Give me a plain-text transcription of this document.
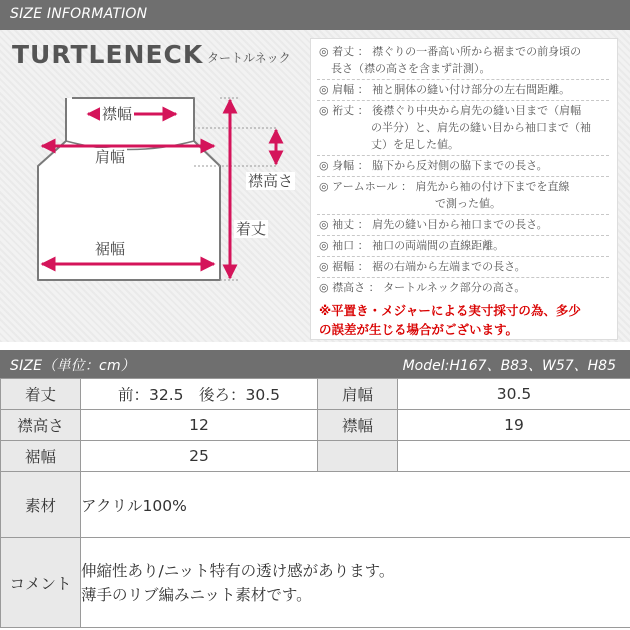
SIZE INFORMATION
TURTLENECK タートルネック
襟幅
肩幅
襟高さ
着丈
裾幅
◎ 着丈 ： 襟ぐりの一番高い所から裾までの前身頃の
長さ（襟の高さを含まず計測）。
◎ 肩幅 ： 袖と胴体の縫い付け部分の左右間距離。
◎ 裄丈 ： 後襟ぐり中央から肩先の縫い目まで（肩幅
の半分）と、肩先の縫い目から袖口まで（袖
丈）を足した値。
◎ 身幅 ： 脇下から反対側の脇下までの長さ。
◎ アームホール ： 肩先から袖の付け下までを直線
で測った値。
◎ 袖丈 ： 肩先の縫い目から袖口までの長さ。
◎ 袖口 ： 袖口の両端間の直線距離。
◎ 裾幅 ： 裾の右端から左端までの長さ。
◎ 襟高さ ： タートルネック部分の高さ。
※平置き・メジャーによる実寸採寸の為、多少
の誤差が生じる場合がございます。
SIZE（単位：cm）	Model:H167、B83、W57、H85
着丈	前：32.5　後ろ：30.5	肩幅	30.5
襟高さ	12	襟幅	19
裾幅	25		
素材	アクリル100%		
コメント	伸縮性あり/ニット特有の透け感があります。
薄手のリブ編みニット素材です。		
